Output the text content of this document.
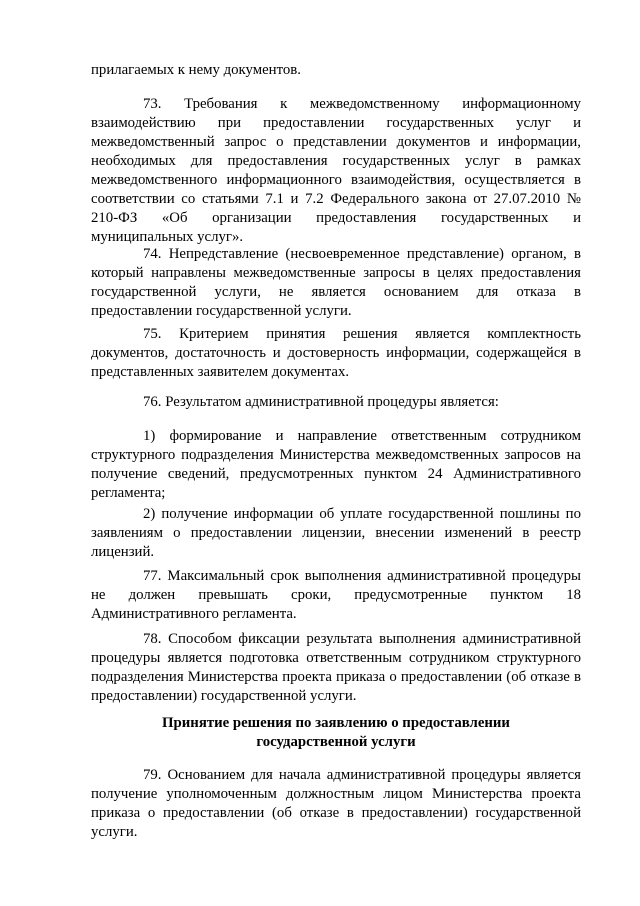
прилагаемых к нему документов.

73. Требования к межведомственному информационному взаимодействию при предоставлении государственных услуг и межведомственный запрос о представлении документов и информации, необходимых для предоставления государственных услуг в рамках межведомственного информационного взаимодействия, осуществляется в соответствии со статьями 7.1 и 7.2 Федерального закона от 27.07.2010 № 210-ФЗ «Об организации предоставления государственных и муниципальных услуг».

74. Непредставление (несвоевременное представление) органом, в который направлены межведомственные запросы в целях предоставления государственной услуги, не является основанием для отказа в предоставлении государственной услуги.

75. Критерием принятия решения является комплектность документов, достаточность и достоверность информации, содержащейся в представленных заявителем документах.

76. Результатом административной процедуры является:

1) формирование и направление ответственным сотрудником структурного подразделения Министерства межведомственных запросов на получение сведений, предусмотренных пунктом 24 Административного регламента;

2) получение информации об уплате государственной пошлины по заявлениям о предоставлении лицензии, внесении изменений в реестр лицензий.

77. Максимальный срок выполнения административной процедуры не должен превышать сроки, предусмотренные пунктом 18 Административного регламента.

78. Способом фиксации результата выполнения административной процедуры является подготовка ответственным сотрудником структурного подразделения Министерства проекта приказа о предоставлении (об отказе в предоставлении) государственной услуги.

Принятие решения по заявлению о предоставлении
государственной услуги

79. Основанием для начала административной процедуры является получение уполномоченным должностным лицом Министерства проекта приказа о предоставлении (об отказе в предоставлении) государственной услуги.
